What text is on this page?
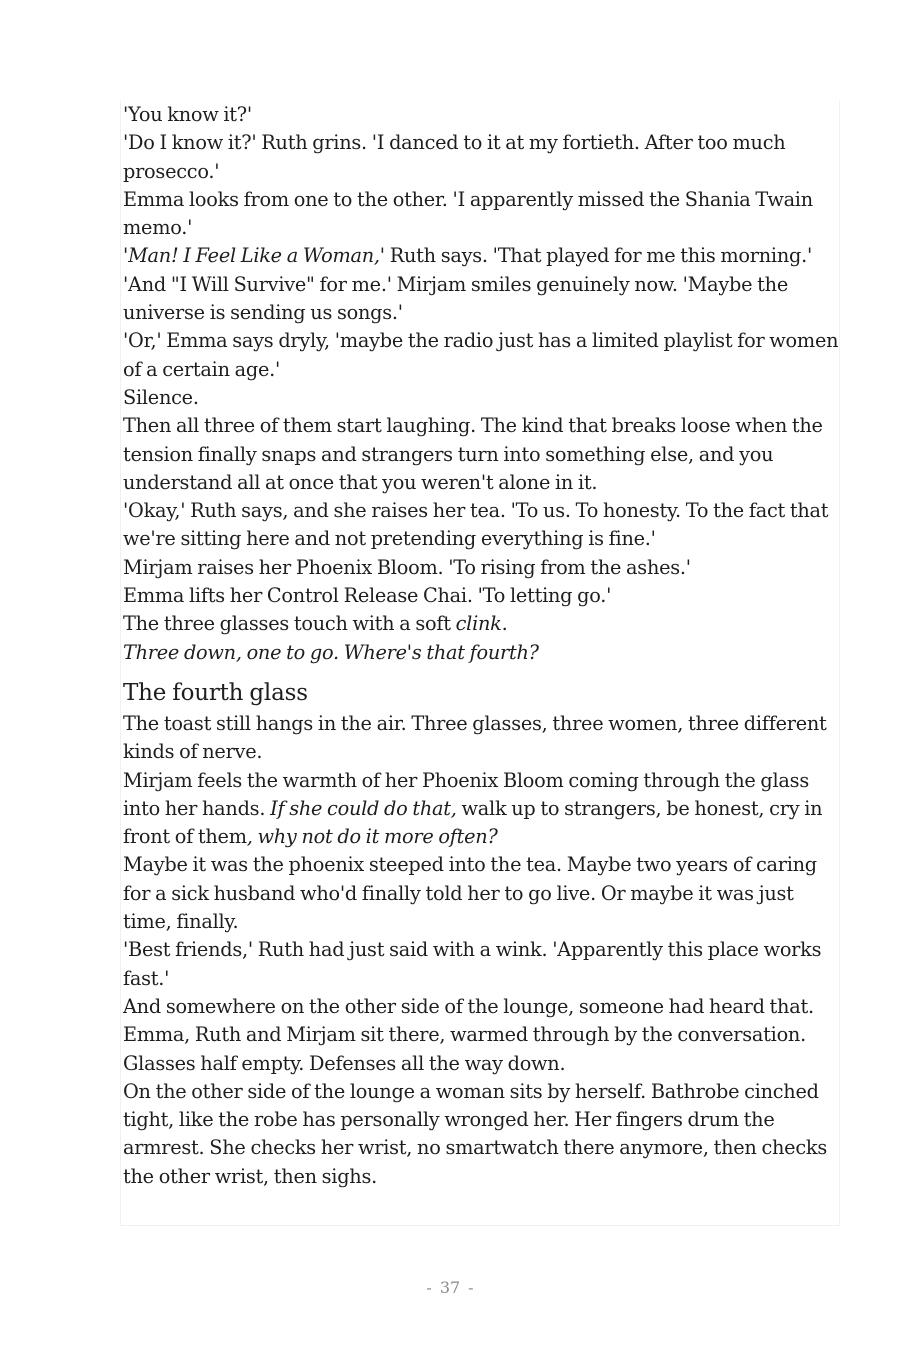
'You know it?'
'Do I know it?' Ruth grins. 'I danced to it at my fortieth. After too much prosecco.'
Emma looks from one to the other. 'I apparently missed the Shania Twain memo.'
'Man! I Feel Like a Woman,' Ruth says. 'That played for me this morning.'
'And "I Will Survive" for me.' Mirjam smiles genuinely now. 'Maybe the universe is sending us songs.'
'Or,' Emma says dryly, 'maybe the radio just has a limited playlist for women of a certain age.'
Silence.
Then all three of them start laughing. The kind that breaks loose when the tension finally snaps and strangers turn into something else, and you understand all at once that you weren't alone in it.
'Okay,' Ruth says, and she raises her tea. 'To us. To honesty. To the fact that we're sitting here and not pretending everything is fine.'
Mirjam raises her Phoenix Bloom. 'To rising from the ashes.'
Emma lifts her Control Release Chai. 'To letting go.'
The three glasses touch with a soft clink.
Three down, one to go. Where's that fourth?
The fourth glass
The toast still hangs in the air. Three glasses, three women, three different kinds of nerve.
Mirjam feels the warmth of her Phoenix Bloom coming through the glass into her hands. If she could do that, walk up to strangers, be honest, cry in front of them, why not do it more often?
Maybe it was the phoenix steeped into the tea. Maybe two years of caring for a sick husband who'd finally told her to go live. Or maybe it was just time, finally.
'Best friends,' Ruth had just said with a wink. 'Apparently this place works fast.'
And somewhere on the other side of the lounge, someone had heard that.
Emma, Ruth and Mirjam sit there, warmed through by the conversation. Glasses half empty. Defenses all the way down.
On the other side of the lounge a woman sits by herself. Bathrobe cinched tight, like the robe has personally wronged her. Her fingers drum the armrest. She checks her wrist, no smartwatch there anymore, then checks the other wrist, then sighs.
- 37 -
